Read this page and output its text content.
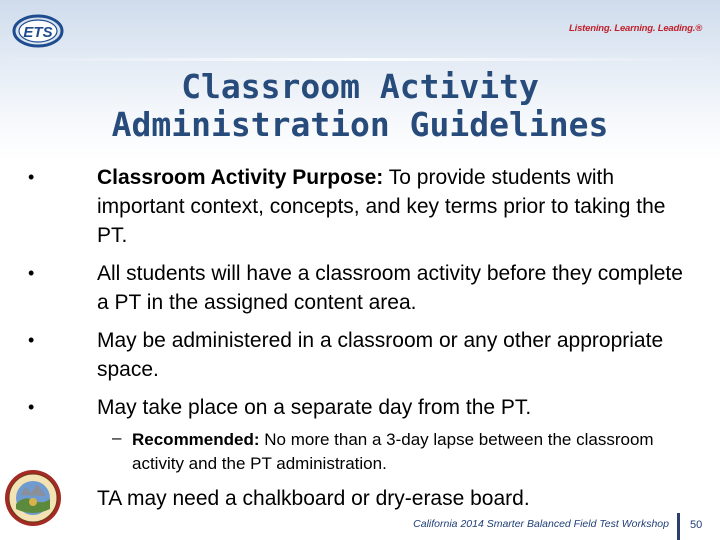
ETS	Listening. Learning. Leading.®
Classroom Activity
Administration Guidelines
•	Classroom Activity Purpose: To provide students with important context, concepts, and key terms prior to taking the PT.
•	All students will have a classroom activity before they complete a PT in the assigned content area.
•	May be administered in a classroom or any other appropriate space.
•	May take place on a separate day from the PT.
– Recommended: No more than a 3-day lapse between the classroom activity and the PT administration.
TA may need a chalkboard or dry-erase board.
California 2014 Smarter Balanced Field Test Workshop 50
